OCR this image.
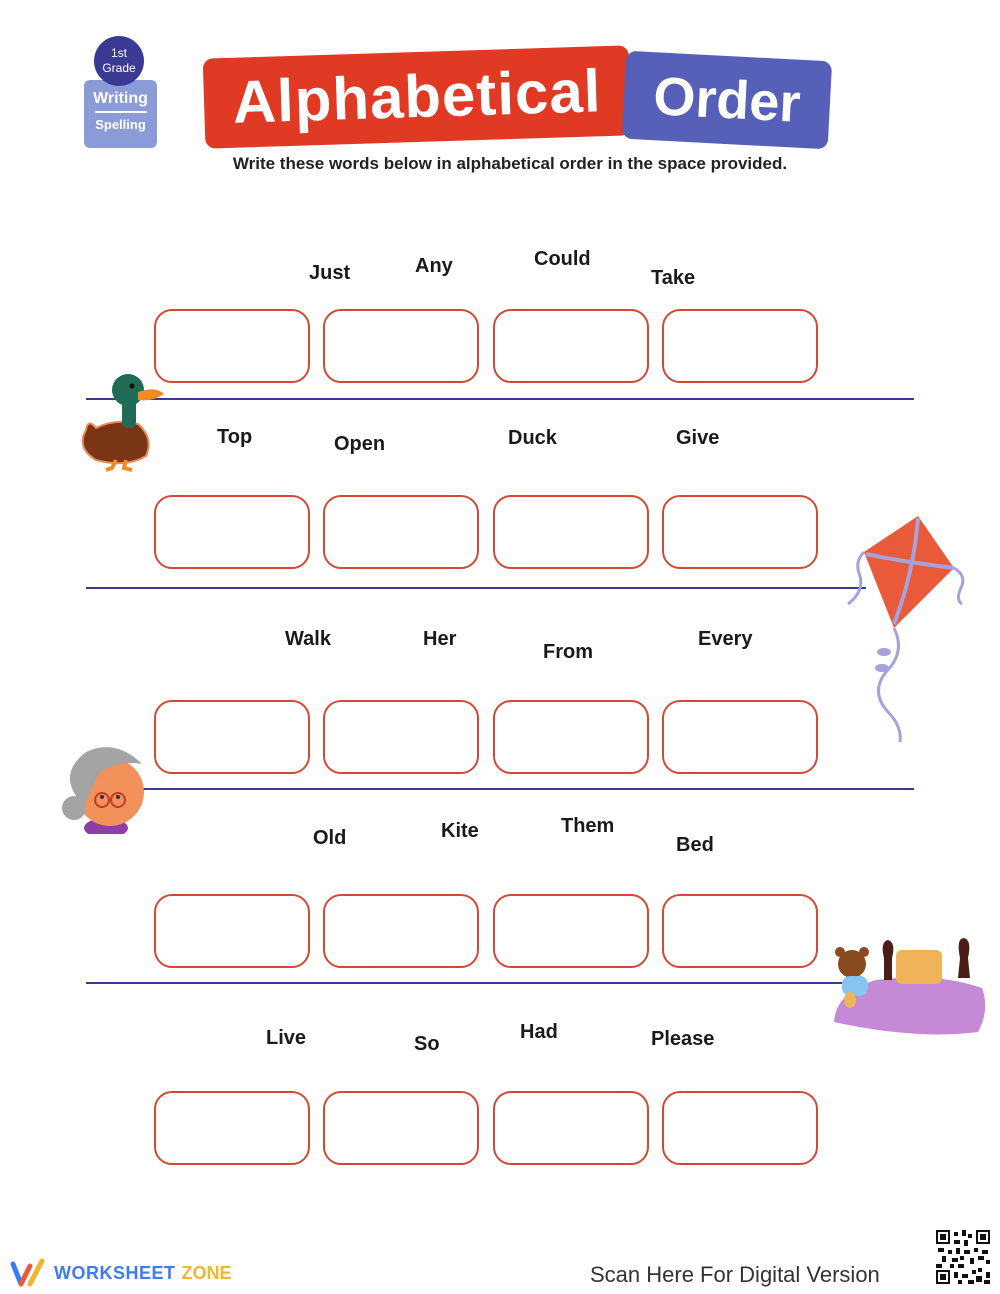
1st
Grade
Writing
Spelling	Alphabetical Order
Write these words below in alphabetical order in the space provided.
Just	Any	Could
Take
Top	Open	Duck	Give
Walk	Her
From
Every
Old	Kite	Them
Bed
Live	So
Had	Please
WORKSHEET ZONE	Scan Here For Digital Version
